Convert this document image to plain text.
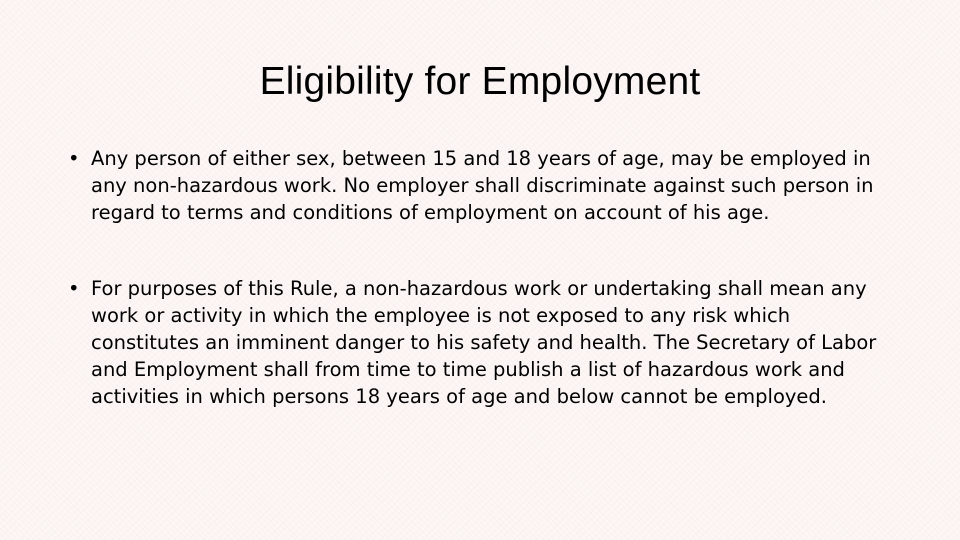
Eligibility for Employment
• Any person of either sex, between 15 and 18 years of age, may be employed in any non-hazardous work. No employer shall discriminate against such person in regard to terms and conditions of employment on account of his age.
• For purposes of this Rule, a non-hazardous work or undertaking shall mean any work or activity in which the employee is not exposed to any risk which constitutes an imminent danger to his safety and health. The Secretary of Labor and Employment shall from time to time publish a list of hazardous work and activities in which persons 18 years of age and below cannot be employed.
